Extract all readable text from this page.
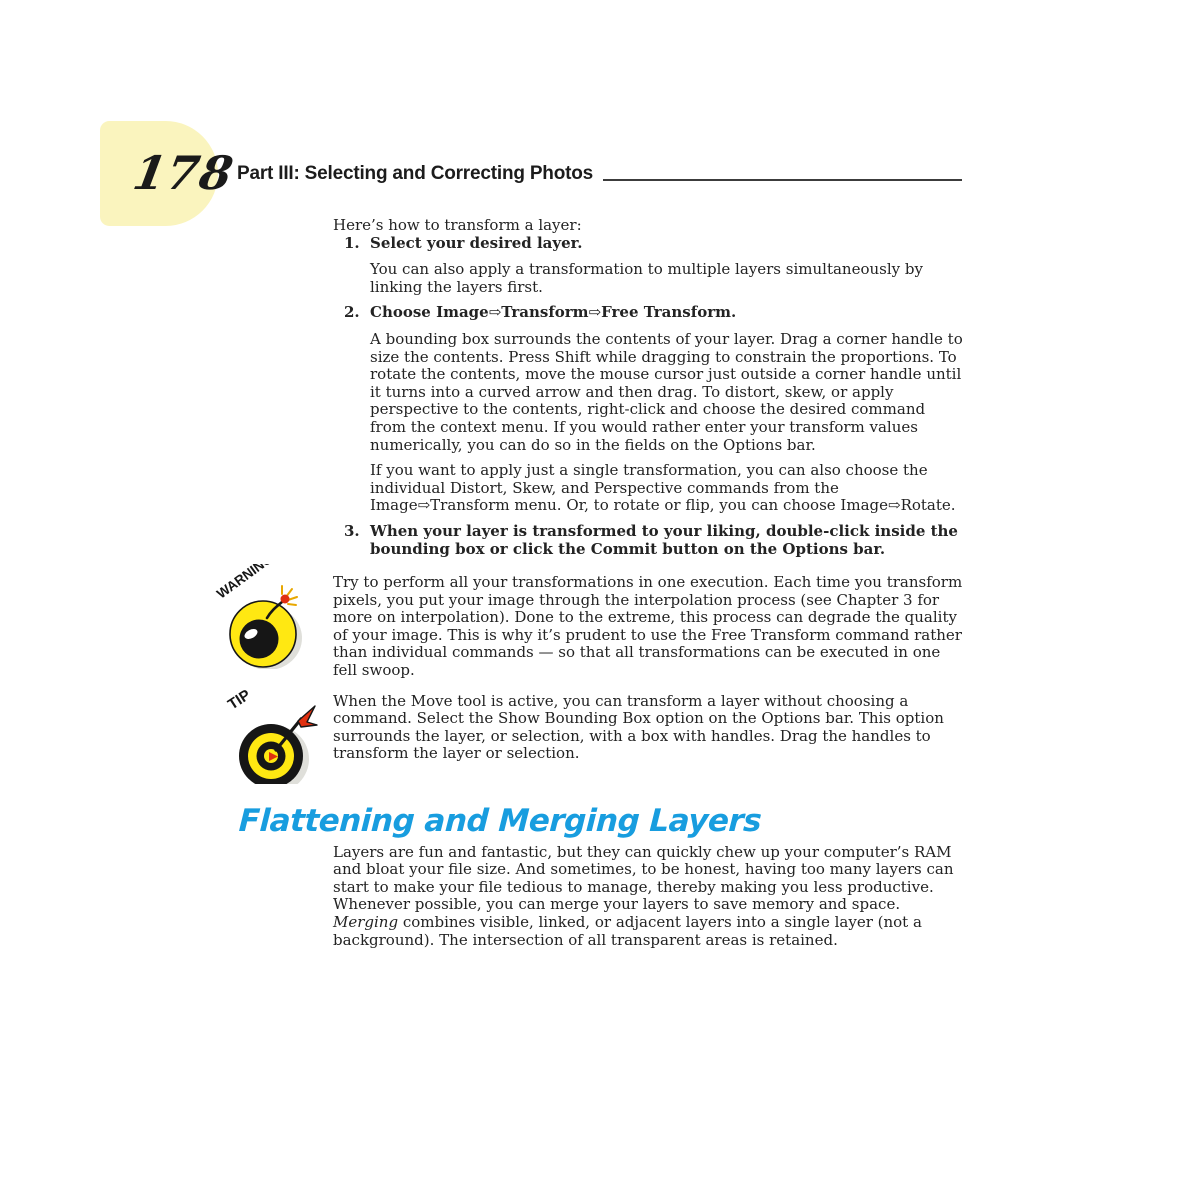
178 Part III: Selecting and Correcting Photos

Here’s how to transform a layer:

1. Select your desired layer.

You can also apply a transformation to multiple layers simultaneously by linking the layers first.

2. Choose Image⇨Transform⇨Free Transform.

A bounding box surrounds the contents of your layer. Drag a corner handle to size the contents. Press Shift while dragging to constrain the proportions. To rotate the contents, move the mouse cursor just outside a corner handle until it turns into a curved arrow and then drag. To distort, skew, or apply perspective to the contents, right-click and choose the desired command from the context menu. If you would rather enter your transform values numerically, you can do so in the fields on the Options bar.

If you want to apply just a single transformation, you can also choose the individual Distort, Skew, and Perspective commands from the Image⇨Transform menu. Or, to rotate or flip, you can choose Image⇨Rotate.

3. When your layer is transformed to your liking, double-click inside the bounding box or click the Commit button on the Options bar.

WARNING!	Try to perform all your transformations in one execution. Each time you transform pixels, you put your image through the interpolation process (see Chapter 3 for more on interpolation). Done to the extreme, this process can degrade the quality of your image. This is why it’s prudent to use the Free Transform command rather than individual commands — so that all transformations can be executed in one fell swoop.

TIP	When the Move tool is active, you can transform a layer without choosing a command. Select the Show Bounding Box option on the Options bar. This option surrounds the layer, or selection, with a box with handles. Drag the handles to transform the layer or selection.

Flattening and Merging Layers

Layers are fun and fantastic, but they can quickly chew up your computer’s RAM and bloat your file size. And sometimes, to be honest, having too many layers can start to make your file tedious to manage, thereby making you less productive. Whenever possible, you can merge your layers to save memory and space. Merging combines visible, linked, or adjacent layers into a single layer (not a background). The intersection of all transparent areas is retained.
